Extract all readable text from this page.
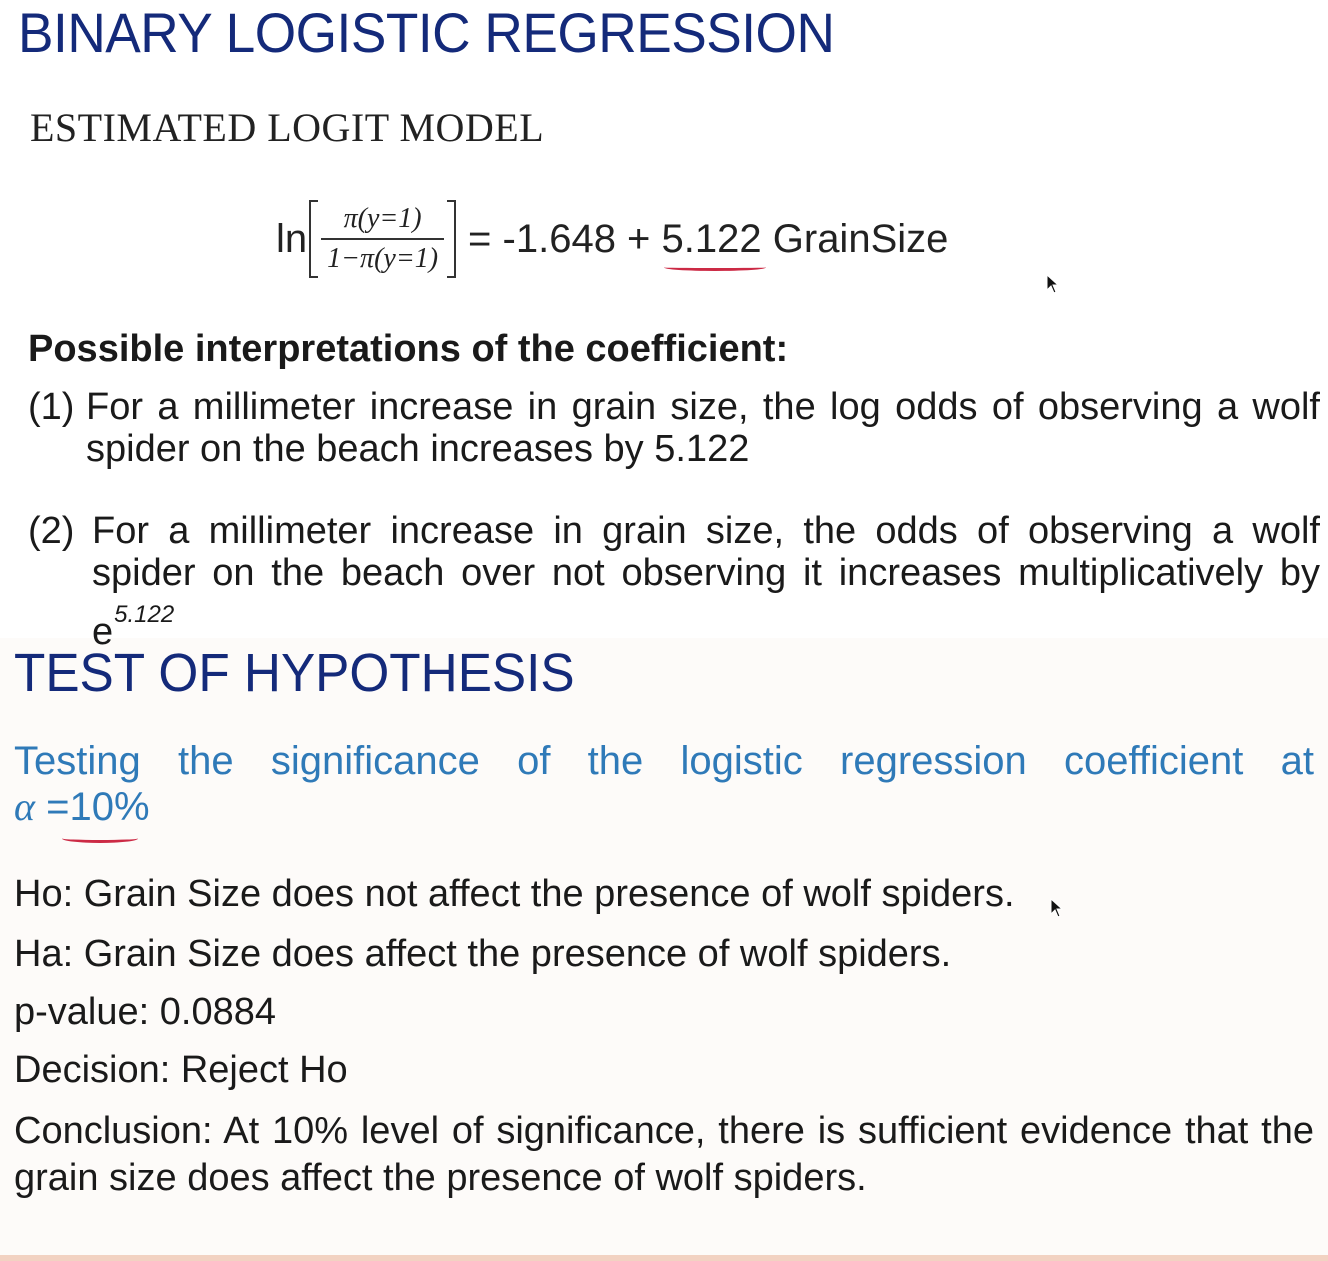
BINARY LOGISTIC REGRESSION
ESTIMATED LOGIT MODEL
$\ln \frac{\pi(y=1)}{1-\pi(y=1)} = -1.648 + 5.122$ GrainSize
Possible interpretations of the coefficient:
(1) For a millimeter increase in grain size, the log odds of observing a wolf spider on the beach increases by 5.122
(2) For a millimeter increase in grain size, the odds of observing a wolf spider on the beach over not observing it increases multiplicatively by $e^{5.122}$
TEST OF HYPOTHESIS
Testing the significance of the logistic regression coefficient at
α =10%
Ho: Grain Size does not affect the presence of wolf spiders.
Ha: Grain Size does affect the presence of wolf spiders.
p-value: 0.0884
Decision: Reject Ho
Conclusion: At 10% level of significance, there is sufficient evidence that the grain size does affect the presence of wolf spiders.
